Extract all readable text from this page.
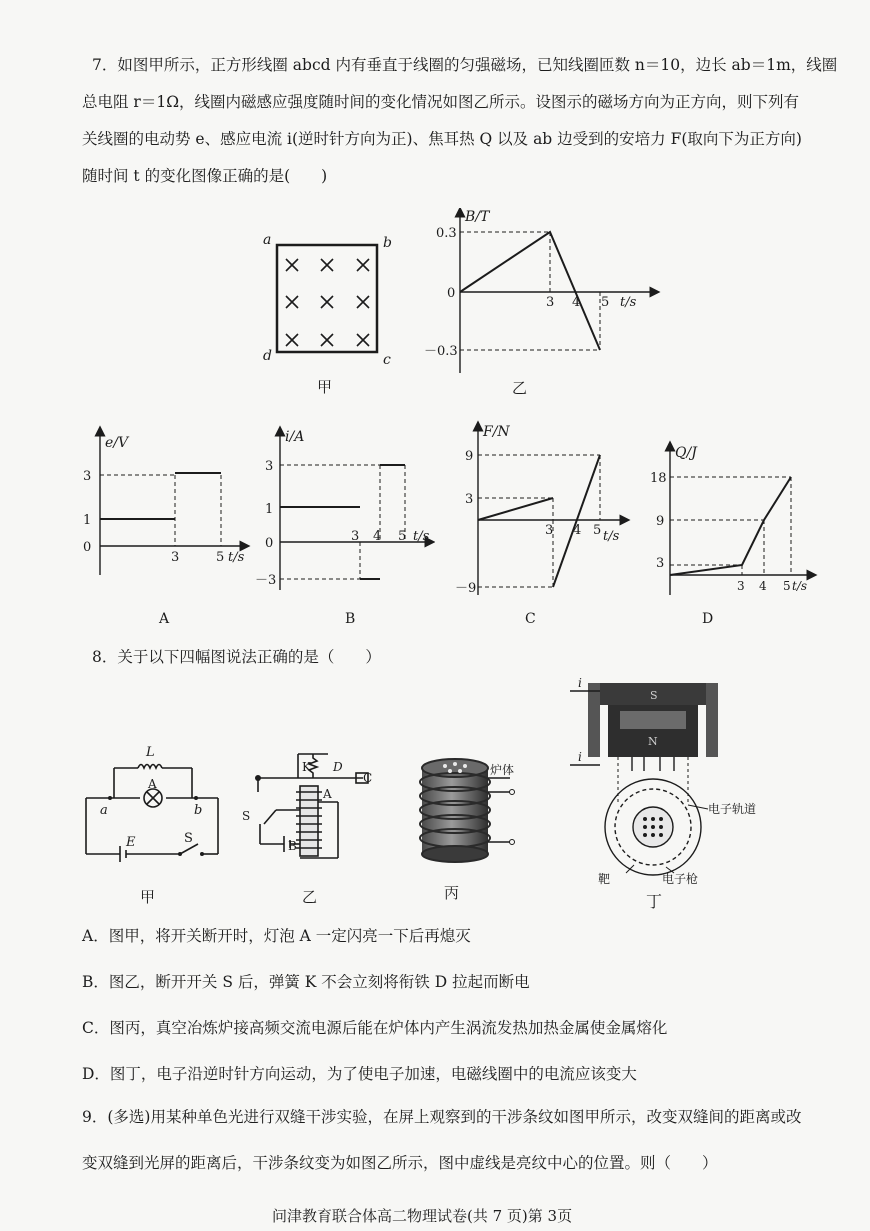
7．如图甲所示，正方形线圈 abcd 内有垂直于线圈的匀强磁场，已知线圈匝数 n＝10，边长 ab＝1m，线圈
总电阻 r＝1Ω，线圈内磁感应强度随时间的变化情况如图乙所示。设图示的磁场方向为正方向，则下列有
关线圈的电动势 e、感应电流 i(逆时针方向为正)、焦耳热 Q 以及 ab 边受到的安培力 F(取向下为正方向)
随时间 t 的变化图像正确的是(　　)
a	b
c
d
甲
B/T
t/s
0.3
0
－0.3
3 4 5
乙
e/V
3
1
0
3	5 t/s
A
i/A
3
1
0
－3
3 4 5 t/s
B
F/N
9
3
－9
3 4 5 t/s
C
Q/J
18
9
3
3 4 5 t/s
D
8．关于以下四幅图说法正确的是（　　）
L
A
a	b
E	S
甲
K D
C
S
A
B
乙
炉体
丙
i
i
S
N
电子轨道
靶	电子枪
丁
A．图甲，将开关断开时，灯泡 A 一定闪亮一下后再熄灭
B．图乙，断开开关 S 后，弹簧 K 不会立刻将衔铁 D 拉起而断电
C．图丙，真空冶炼炉接高频交流电源后能在炉体内产生涡流发热加热金属使金属熔化
D．图丁，电子沿逆时针方向运动，为了使电子加速，电磁线圈中的电流应该变大
9．(多选)用某种单色光进行双缝干涉实验，在屏上观察到的干涉条纹如图甲所示，改变双缝间的距离或改
变双缝到光屏的距离后，干涉条纹变为如图乙所示，图中虚线是亮纹中心的位置。则（　　）
问津教育联合体高二物理试卷(共 7 页)第 3页
